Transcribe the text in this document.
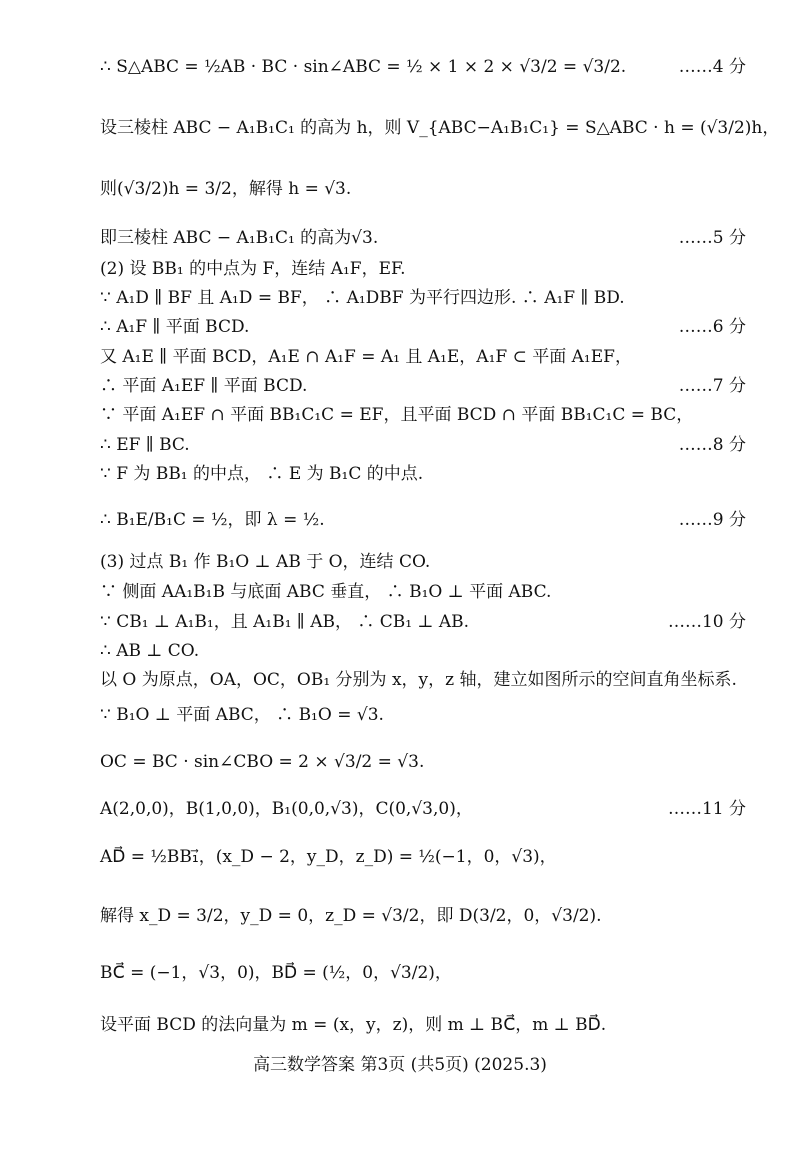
∴ S△ABC = ½AB · BC · sin∠ABC = ½ × 1 × 2 × √3/2 = √3/2.	……4 分
设三棱柱 ABC − A₁B₁C₁ 的高为 h，则 V_{ABC−A₁B₁C₁} = S△ABC · h = (√3/2)h，
则(√3/2)h = 3/2，解得 h = √3.
即三棱柱 ABC − A₁B₁C₁ 的高为√3.	……5 分
(2) 设 BB₁ 的中点为 F，连结 A₁F，EF.
∵ A₁D ∥ BF 且 A₁D = BF， ∴ A₁DBF 为平行四边形. ∴ A₁F ∥ BD.
∴ A₁F ∥ 平面 BCD.	……6 分
又 A₁E ∥ 平面 BCD，A₁E ∩ A₁F = A₁ 且 A₁E，A₁F ⊂ 平面 A₁EF，
∴ 平面 A₁EF ∥ 平面 BCD.	……7 分
∵ 平面 A₁EF ∩ 平面 BB₁C₁C = EF，且平面 BCD ∩ 平面 BB₁C₁C = BC，
∴ EF ∥ BC.	……8 分
∵ F 为 BB₁ 的中点， ∴ E 为 B₁C 的中点.
∴ B₁E/B₁C = ½，即 λ = ½.	……9 分
(3) 过点 B₁ 作 B₁O ⊥ AB 于 O，连结 CO.
∵ 侧面 AA₁B₁B 与底面 ABC 垂直， ∴ B₁O ⊥ 平面 ABC.
∵ CB₁ ⊥ A₁B₁，且 A₁B₁ ∥ AB， ∴ CB₁ ⊥ AB.	……10 分
∴ AB ⊥ CO.
以 O 为原点，OA，OC，OB₁ 分别为 x，y，z 轴，建立如图所示的空间直角坐标系.
∵ B₁O ⊥ 平面 ABC， ∴ B₁O = √3.
OC = BC · sin∠CBO = 2 × √3/2 = √3.
A(2,0,0)，B(1,0,0)，B₁(0,0,√3)，C(0,√3,0)，	……11 分
AD⃗ = ½BB₁⃗，(x_D − 2，y_D，z_D) = ½(−1，0，√3)，
解得 x_D = 3/2，y_D = 0，z_D = √3/2，即 D(3/2，0，√3/2).
BC⃗ = (−1，√3，0)，BD⃗ = (½，0，√3/2)，
设平面 BCD 的法向量为 m = (x，y，z)，则 m ⊥ BC⃗，m ⊥ BD⃗.
高三数学答案 第3页 (共5页) (2025.3)
